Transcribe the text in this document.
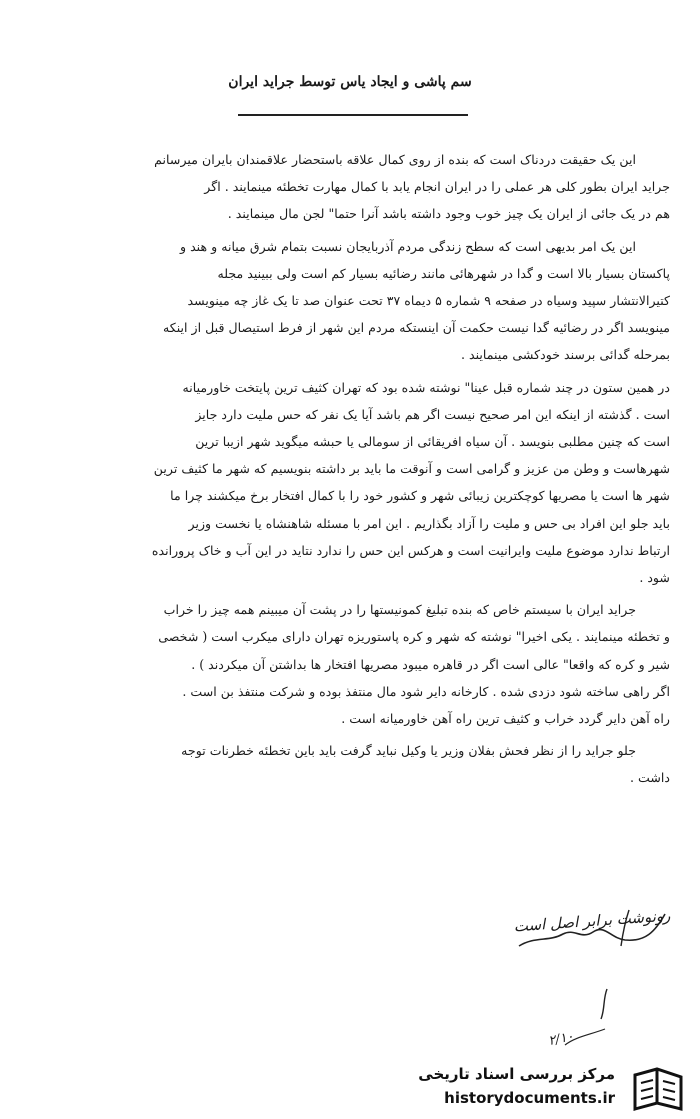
سم پاشی و ایجاد یاس توسط جراید ایران
این یک حقیقت دردناک است که بنده از روی کمال علاقه باستحضار علاقمندان بایران میرسانم
جراید ایران بطور کلی هر عملی را در ایران انجام یابد با کمال مهارت تخطئه مینمایند . اگر
هم در یک جائی از ایران یک چیز خوب وجود داشته باشد آنرا حتما" لجن مال مینمایند .
این یک امر بدیهی است که سطح زندگی مردم آذربایجان نسبت بتمام شرق میانه و هند و
پاکستان بسیار بالا است و گدا در شهرهائی مانند رضائیه بسیار کم است ولی ببینید مجله
کتیرالانتشار سپید وسیاه در صفحه ۹ شماره ۵ دیماه ۳۷ تحت عنوان صد تا یک غاز چه مینویسد
مینویسد اگر در رضائیه گدا نیست حکمت آن اینستکه مردم این شهر از فرط استیصال قبل از اینکه
بمرحله گدائی برسند خودکشی مینمایند .
در همین ستون در چند شماره قبل عینا" نوشته شده بود که تهران کثیف ترین پایتخت خاورمیانه
است . گذشته از اینکه این امر صحیح نیست اگر هم باشد آیا یک نفر که حس ملیت دارد جایز
است که چنین مطلبی بنویسد . آن سیاه افریقائی از سومالی یا حبشه میگوید شهر ازیبا ترین
شهرهاست و وطن من عزیز و گرامی است و آنوقت ما باید بر داشته بنویسیم که شهر ما کثیف ترین
شهر ها است یا مصریها کوچکترین زیبائی شهر و کشور خود را با کمال افتخار برخ میکشند چرا ما
باید جلو این افراد بی حس و ملیت را آزاد بگذاریم . این امر با مسئله شاهنشاه یا نخست وزیر
ارتباط ندارد موضوع ملیت وایرانیت است و هرکس این حس را ندارد نتاید در این آب و خاک پرورانده
شود .
جراید ایران با سیستم خاص که بنده تبلیغ کمونیستها را در پشت آن میبینم همه چیز را خراب
و تخطئه مینمایند . یکی اخیرا" نوشته که شهر و کره پاستوریزه تهران دارای میکرب است ( شخصی
شیر و کره که واقعا" عالی است اگر در قاهره میبود مصریها افتخار ها بداشتن آن میکردند ) .
اگر راهی ساخته شود دزدی شده . کارخانه دایر شود مال منتفذ بوده و شرکت منتفذ بن است .
راه آهن دایر گردد خراب و کثیف ترین راه آهن خاورمیانه است .
جلو جراید را از نظر فحش بفلان وزیر یا وکیل نباید گرفت باید باین تخطئه خطرنات توجه
داشت .
رونوشت برابر اصل است
۲/۱۰
مرکز بررسی اسناد تاریخی
historydocuments.ir
